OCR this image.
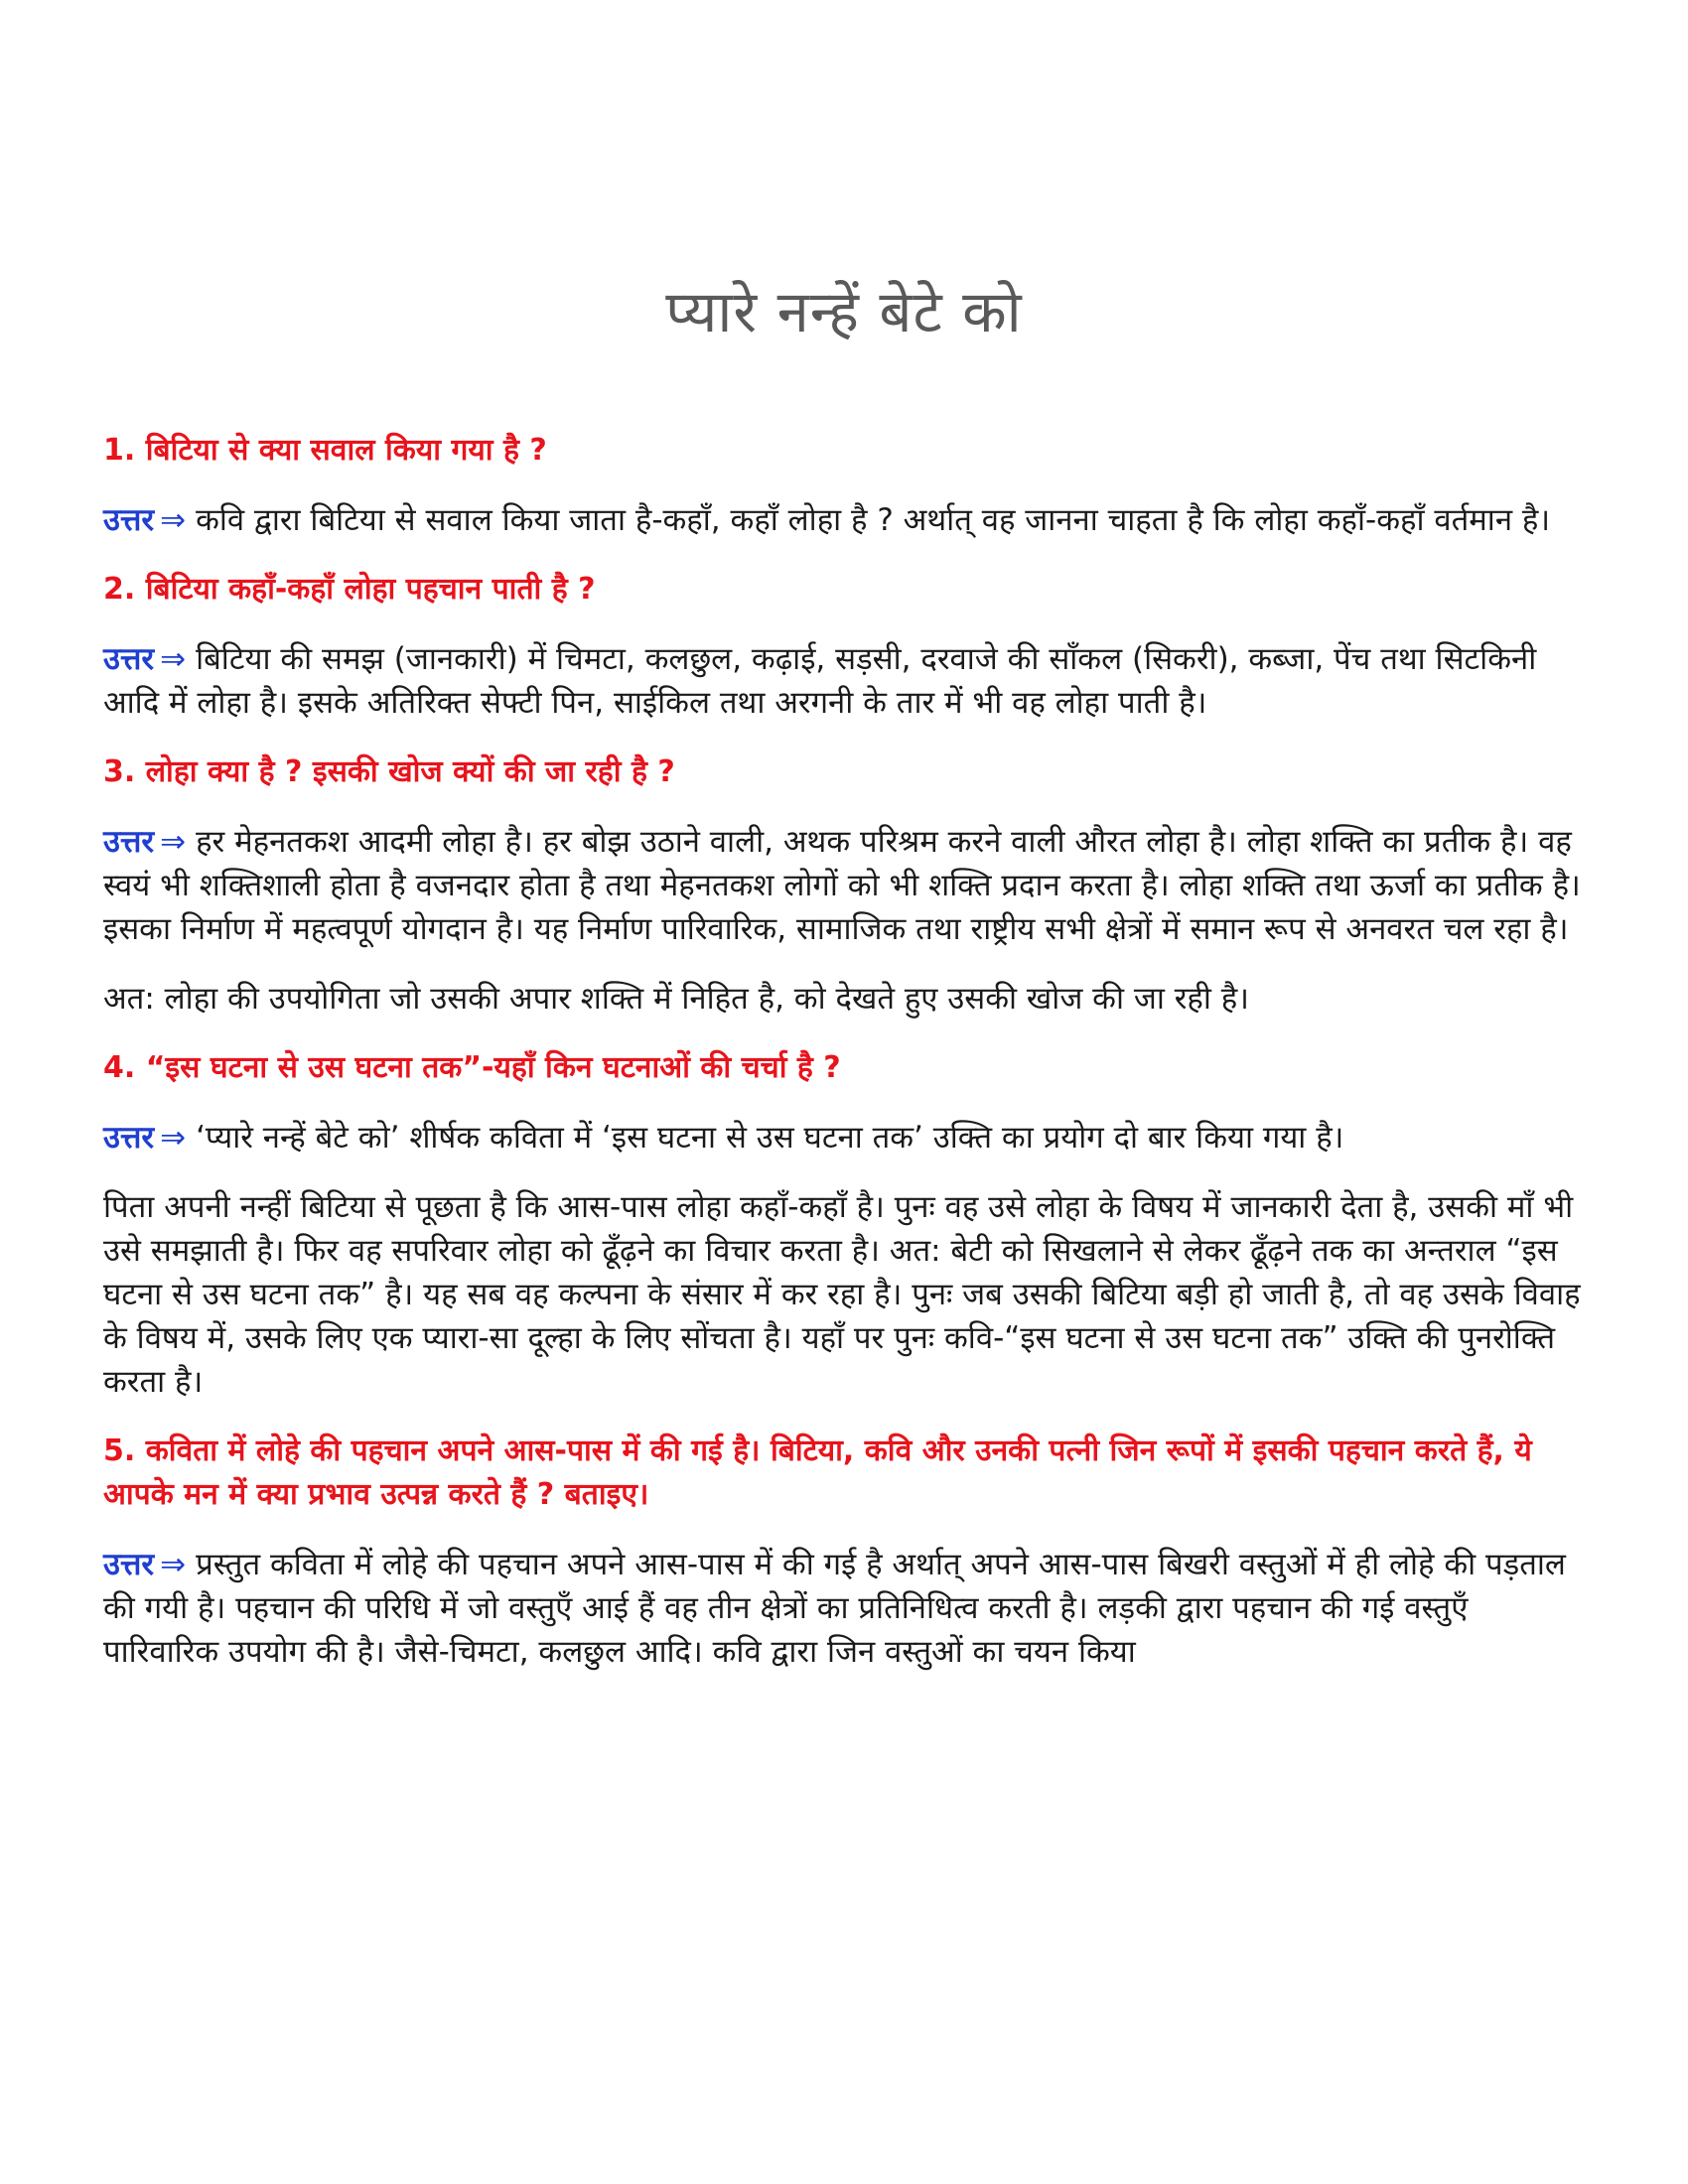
प्यारे नन्हें बेटे को

1. बिटिया से क्या सवाल किया गया है ?

उत्तर ⇒ कवि द्वारा बिटिया से सवाल किया जाता है-कहाँ, कहाँ लोहा है ? अर्थात् वह जानना चाहता है कि लोहा कहाँ-कहाँ वर्तमान है।

2. बिटिया कहाँ-कहाँ लोहा पहचान पाती है ?

उत्तर ⇒ बिटिया की समझ (जानकारी) में चिमटा, कलछुल, कढ़ाई, सड़सी, दरवाजे की साँकल (सिकरी), कब्जा, पेंच तथा सिटकिनी आदि में लोहा है। इसके अतिरिक्त सेफ्टी पिन, साईकिल तथा अरगनी के तार में भी वह लोहा पाती है।

3. लोहा क्या है ? इसकी खोज क्यों की जा रही है ?

उत्तर ⇒ हर मेहनतकश आदमी लोहा है। हर बोझ उठाने वाली, अथक परिश्रम करने वाली औरत लोहा है। लोहा शक्ति का प्रतीक है। वह स्वयं भी शक्तिशाली होता है वजनदार होता है तथा मेहनतकश लोगों को भी शक्ति प्रदान करता है। लोहा शक्ति तथा ऊर्जा का प्रतीक है। इसका निर्माण में महत्वपूर्ण योगदान है। यह निर्माण पारिवारिक, सामाजिक तथा राष्ट्रीय सभी क्षेत्रों में समान रूप से अनवरत चल रहा है।

अत: लोहा की उपयोगिता जो उसकी अपार शक्ति में निहित है, को देखते हुए उसकी खोज की जा रही है।

4. “इस घटना से उस घटना तक”-यहाँ किन घटनाओं की चर्चा है ?

उत्तर ⇒ ‘प्यारे नन्हें बेटे को’ शीर्षक कविता में ‘इस घटना से उस घटना तक’ उक्ति का प्रयोग दो बार किया गया है।

पिता अपनी नन्हीं बिटिया से पूछता है कि आस-पास लोहा कहाँ-कहाँ है। पुनः वह उसे लोहा के विषय में जानकारी देता है, उसकी माँ भी उसे समझाती है। फिर वह सपरिवार लोहा को ढूँढ़ने का विचार करता है। अत: बेटी को सिखलाने से लेकर ढूँढ़ने तक का अन्तराल “इस घटना से उस घटना तक” है। यह सब वह कल्पना के संसार में कर रहा है। पुनः जब उसकी बिटिया बड़ी हो जाती है, तो वह उसके विवाह के विषय में, उसके लिए एक प्यारा-सा दूल्हा के लिए सोंचता है। यहाँ पर पुनः कवि-“इस घटना से उस घटना तक” उक्ति की पुनरोक्ति करता है।

5. कविता में लोहे की पहचान अपने आस-पास में की गई है। बिटिया, कवि और उनकी पत्नी जिन रूपों में इसकी पहचान करते हैं, ये आपके मन में क्या प्रभाव उत्पन्न करते हैं ? बताइए।

उत्तर ⇒ प्रस्तुत कविता में लोहे की पहचान अपने आस-पास में की गई है अर्थात् अपने आस-पास बिखरी वस्तुओं में ही लोहे की पड़ताल की गयी है। पहचान की परिधि में जो वस्तुएँ आई हैं वह तीन क्षेत्रों का प्रतिनिधित्व करती है। लड़की द्वारा पहचान की गई वस्तुएँ पारिवारिक उपयोग की है। जैसे-चिमटा, कलछुल आदि। कवि द्वारा जिन वस्तुओं का चयन किया
